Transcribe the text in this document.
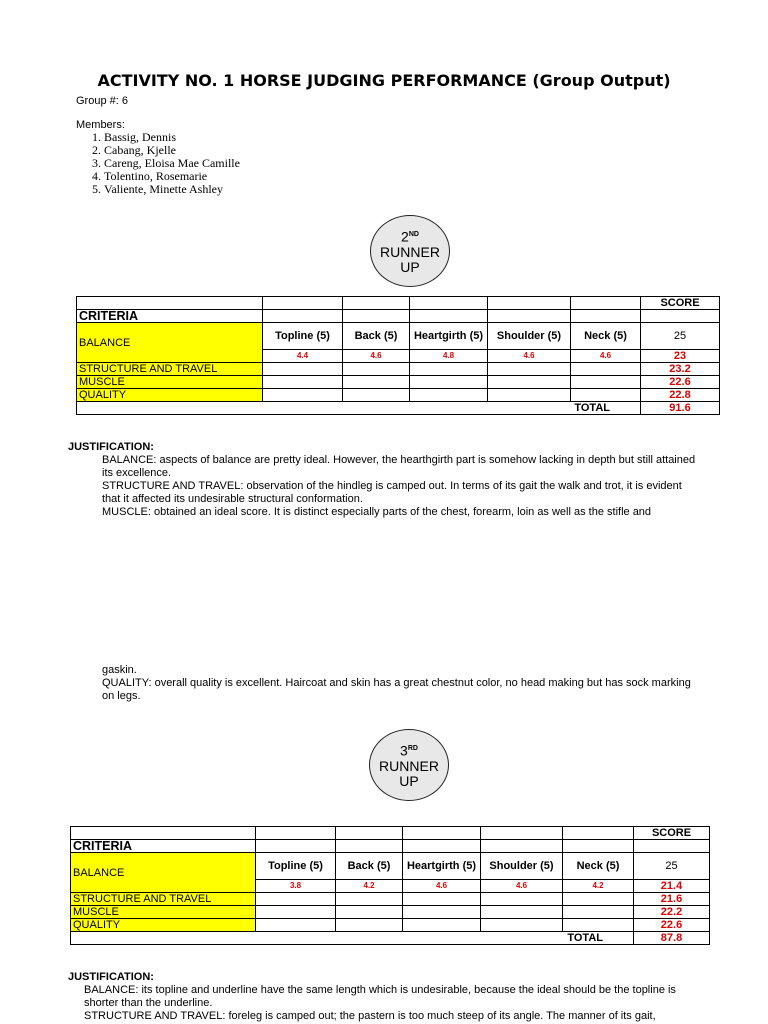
ACTIVITY NO. 1 HORSE JUDGING PERFORMANCE (Group Output)
Group #: 6
Members:
1. Bassig, Dennis
2. Cabang, Kjelle
3. Careng, Eloisa Mae Camille
4. Tolentino, Rosemarie
5. Valiente, Minette Ashley
2ND
RUNNER
UP
						SCORE
CRITERIA						
BALANCE	Topline (5)	Back (5)	Heartgirth (5)	Shoulder (5)	Neck (5)	25
	4.4	4.6	4.8	4.6	4.6	23
STRUCTURE AND TRAVEL						23.2
MUSCLE						22.6
QUALITY						22.8
TOTAL						91.6
JUSTIFICATION:
BALANCE: aspects of balance are pretty ideal. However, the hearthgirth part is somehow lacking in depth but still attained its excellence.
STRUCTURE AND TRAVEL: observation of the hindleg is camped out. In terms of its gait the walk and trot, it is evident that it affected its undesirable structural conformation.
MUSCLE: obtained an ideal score. It is distinct especially parts of the chest, forearm, loin as well as the stifle and
gaskin.
QUALITY: overall quality is excellent. Haircoat and skin has a great chestnut color, no head making but has sock marking on legs.
3RD
RUNNER
UP
						SCORE
CRITERIA						
BALANCE	Topline (5)	Back (5)	Heartgirth (5)	Shoulder (5)	Neck (5)	25
	3.8	4.2	4.6	4.6	4.2	21.4
STRUCTURE AND TRAVEL						21.6
MUSCLE						22.2
QUALITY						22.6
TOTAL						87.8
JUSTIFICATION:
BALANCE: its topline and underline have the same length which is undesirable, because the ideal should be the topline is shorter than the underline.
STRUCTURE AND TRAVEL: foreleg is camped out; the pastern is too much steep of its angle. The manner of its gait,
